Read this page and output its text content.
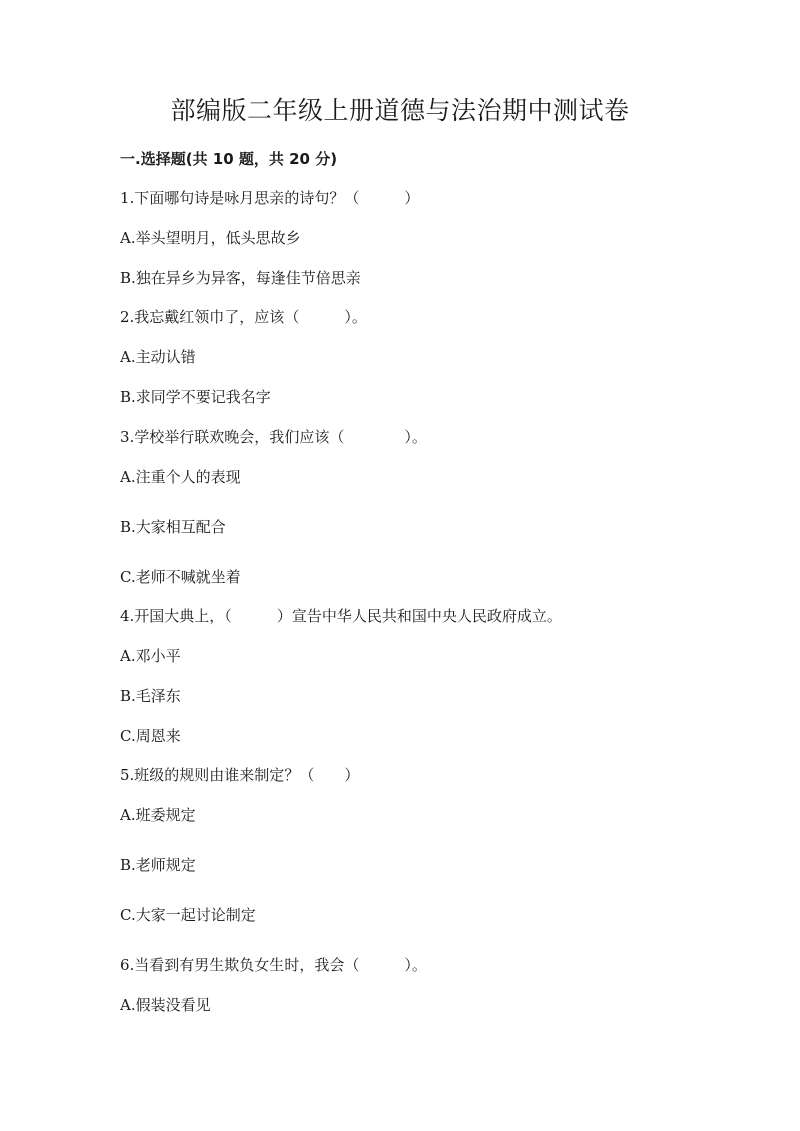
部编版二年级上册道德与法治期中测试卷
一.选择题(共 10 题，共 20 分)
1.下面哪句诗是咏月思亲的诗句？（　　　）
A.举头望明月，低头思故乡
B.独在异乡为异客，每逢佳节倍思亲
2.我忘戴红领巾了，应该（　　　）。
A.主动认错
B.求同学不要记我名字
3.学校举行联欢晚会，我们应该（　　　　）。
A.注重个人的表现
B.大家相互配合
C.老师不喊就坐着
4.开国大典上，（　　　）宣告中华人民共和国中央人民政府成立。
A.邓小平
B.毛泽东
C.周恩来
5.班级的规则由谁来制定？（　　）
A.班委规定
B.老师规定
C.大家一起讨论制定
6.当看到有男生欺负女生时，我会（　　　）。
A.假装没看见
